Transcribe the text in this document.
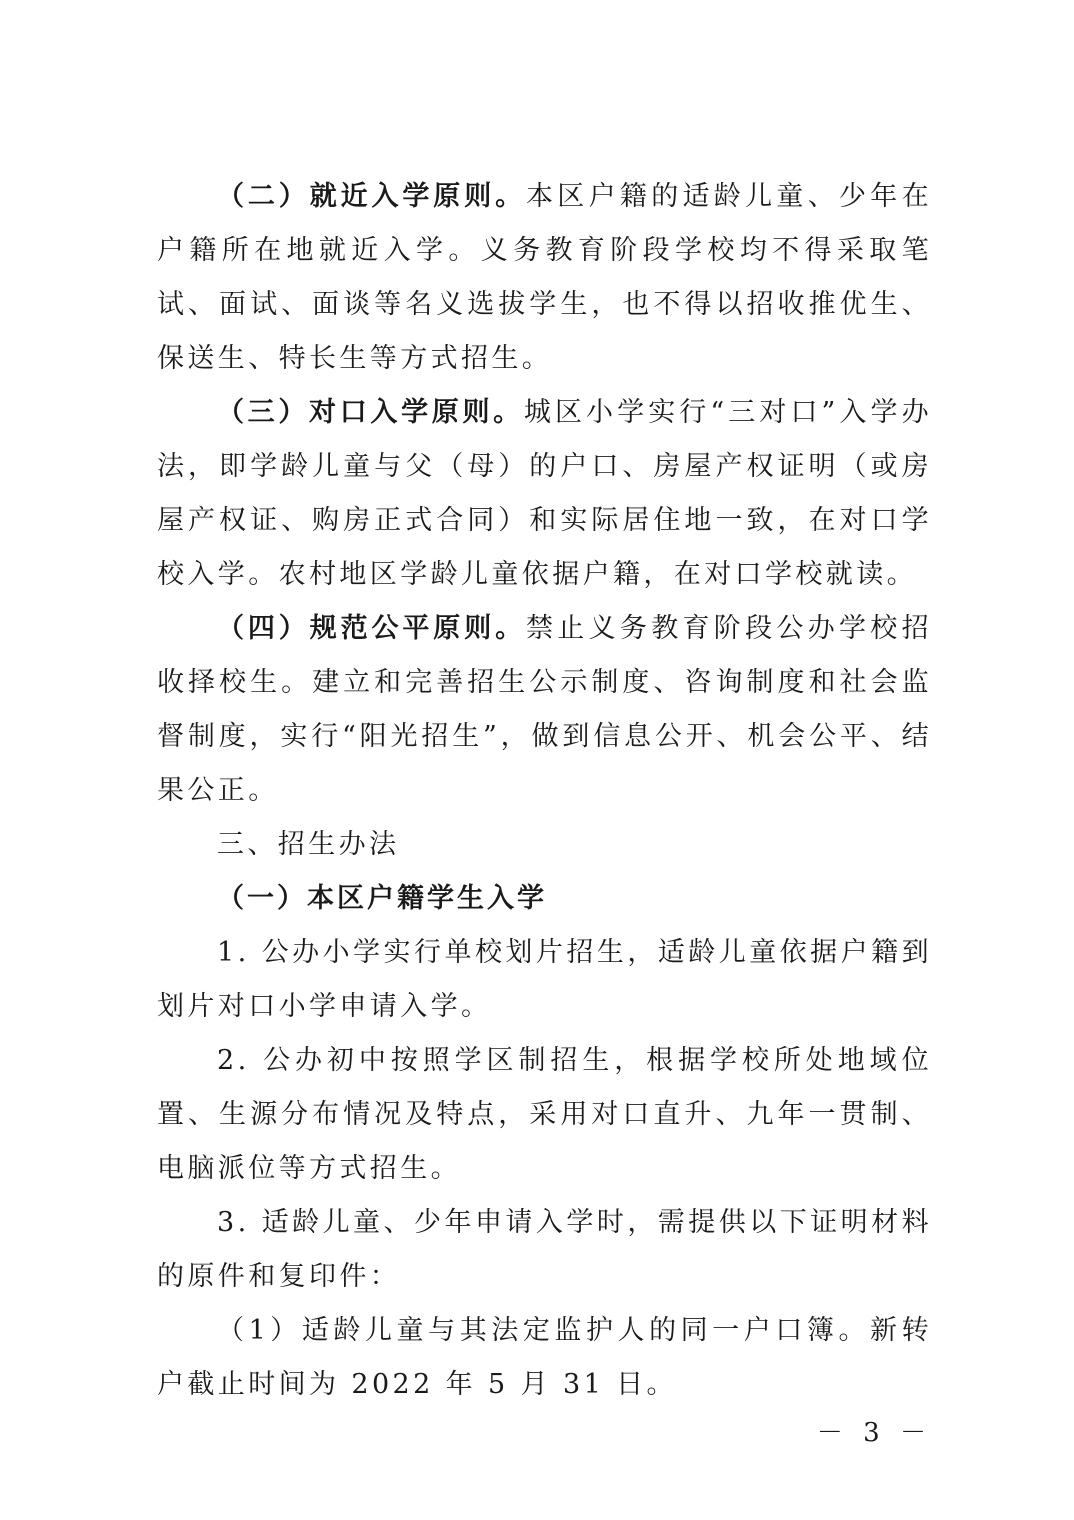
（二）就近入学原则。本区户籍的适龄儿童、少年在户籍所在地就近入学。义务教育阶段学校均不得采取笔试、面试、面谈等名义选拔学生，也不得以招收推优生、保送生、特长生等方式招生。

（三）对口入学原则。城区小学实行“三对口”入学办法，即学龄儿童与父（母）的户口、房屋产权证明（或房屋产权证、购房正式合同）和实际居住地一致，在对口学校入学。农村地区学龄儿童依据户籍，在对口学校就读。

（四）规范公平原则。禁止义务教育阶段公办学校招收择校生。建立和完善招生公示制度、咨询制度和社会监督制度，实行“阳光招生”，做到信息公开、机会公平、结果公正。

三、招生办法

（一）本区户籍学生入学

1. 公办小学实行单校划片招生，适龄儿童依据户籍到划片对口小学申请入学。

2. 公办初中按照学区制招生，根据学校所处地域位置、生源分布情况及特点，采用对口直升、九年一贯制、电脑派位等方式招生。

3. 适龄儿童、少年申请入学时，需提供以下证明材料的原件和复印件：

（1）适龄儿童与其法定监护人的同一户口簿。新转户截止时间为 2022 年 5 月 31 日。

－ 3 －
